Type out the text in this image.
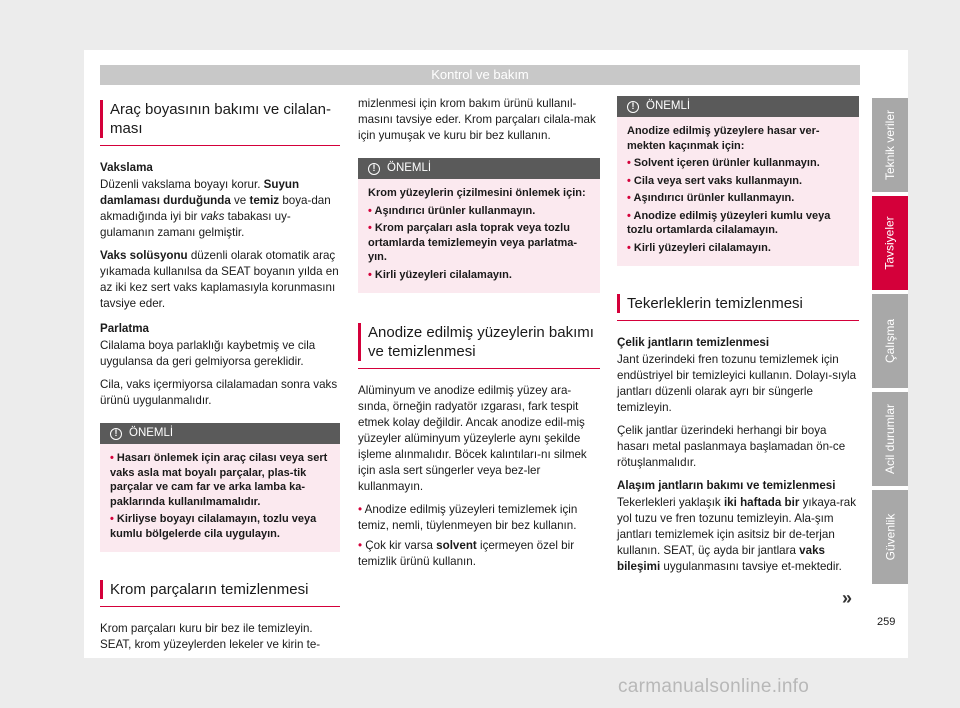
Kontrol ve bakım
Araç boyasının bakımı ve cilalan-ması

Vakslama

Düzenli vakslama boyayı korur. Suyun damlaması durduğunda ve temiz boya-dan akmadığında iyi bir vaks tabakası uy-gulamanın zamanı gelmiştir.

Vaks solüsyonu düzenli olarak otomatik araç yıkamada kullanılsa da SEAT boyanın yılda en az iki kez sert vaks kaplamasıyla korunmasını tavsiye eder.

Parlatma

Cilalama boya parlaklığı kaybetmiş ve cila uygulansa da geri gelmiyorsa gereklidir.

Cila, vaks içermiyorsa cilalamadan sonra vaks ürünü uygulanmalıdır.

!	ÖNEMLİ
• Hasarı önlemek için araç cilası veya sert vaks asla mat boyalı parçalar, plas-tik parçalar ve cam far ve arka lamba ka-paklarında kullanılmamalıdır.
• Kirliyse boyayı cilalamayın, tozlu veya kumlu bölgelerde cila uygulayın.
Krom parçaların temizlenmesi

Krom parçaları kuru bir bez ile temizleyin. SEAT, krom yüzeylerden lekeler ve kirin te-

mizlenmesi için krom bakım ürünü kullanıl-masını tavsiye eder. Krom parçaları cilala-mak için yumuşak ve kuru bir bez kullanın.

!	ÖNEMLİ
Krom yüzeylerin çizilmesini önlemek için:
• Aşındırıcı ürünler kullanmayın.
• Krom parçaları asla toprak veya tozlu ortamlarda temizlemeyin veya parlatma-yın.
• Kirli yüzeyleri cilalamayın.
Anodize edilmiş yüzeylerin bakımı ve temizlenmesi

Alüminyum ve anodize edilmiş yüzey ara-sında, örneğin radyatör ızgarası, fark tespit etmek kolay değildir. Ancak anodize edil-miş yüzeyler alüminyum yüzeylerle aynı şekilde işleme alınmalıdır. Böcek kalıntıları-nı silmek için asla sert süngerler veya bez-ler kullanmayın.

• Anodize edilmiş yüzeyleri temizlemek için temiz, nemli, tüylenmeyen bir bez kullanın.

• Çok kir varsa solvent içermeyen özel bir temizlik ürünü kullanın.

!	ÖNEMLİ
Anodize edilmiş yüzeylere hasar ver-mekten kaçınmak için:
• Solvent içeren ürünler kullanmayın.
• Cila veya sert vaks kullanmayın.
• Aşındırıcı ürünler kullanmayın.
• Anodize edilmiş yüzeyleri kumlu veya tozlu ortamlarda cilalamayın.
• Kirli yüzeyleri cilalamayın.
Tekerleklerin temizlenmesi

Çelik jantların temizlenmesi

Jant üzerindeki fren tozunu temizlemek için endüstriyel bir temizleyici kullanın. Dolayı-sıyla jantları düzenli olarak ayrı bir süngerle temizleyin.

Çelik jantlar üzerindeki herhangi bir boya hasarı metal paslanmaya başlamadan ön-ce rötuşlanmalıdır.

Alaşım jantların bakımı ve temizlenmesi

Tekerlekleri yaklaşık iki haftada bir yıkaya-rak yol tuzu ve fren tozunu temizleyin. Ala-şım jantları temizlemek için asitsiz bir de-terjan kullanın. SEAT, üç ayda bir jantlara vaks bileşimi uygulanmasını tavsiye et-mektedir.

Teknik veriler
Tavsiyeler
Çalışma
Acil durumlar
Güvenlik
»
259
carmanualsonline.info
